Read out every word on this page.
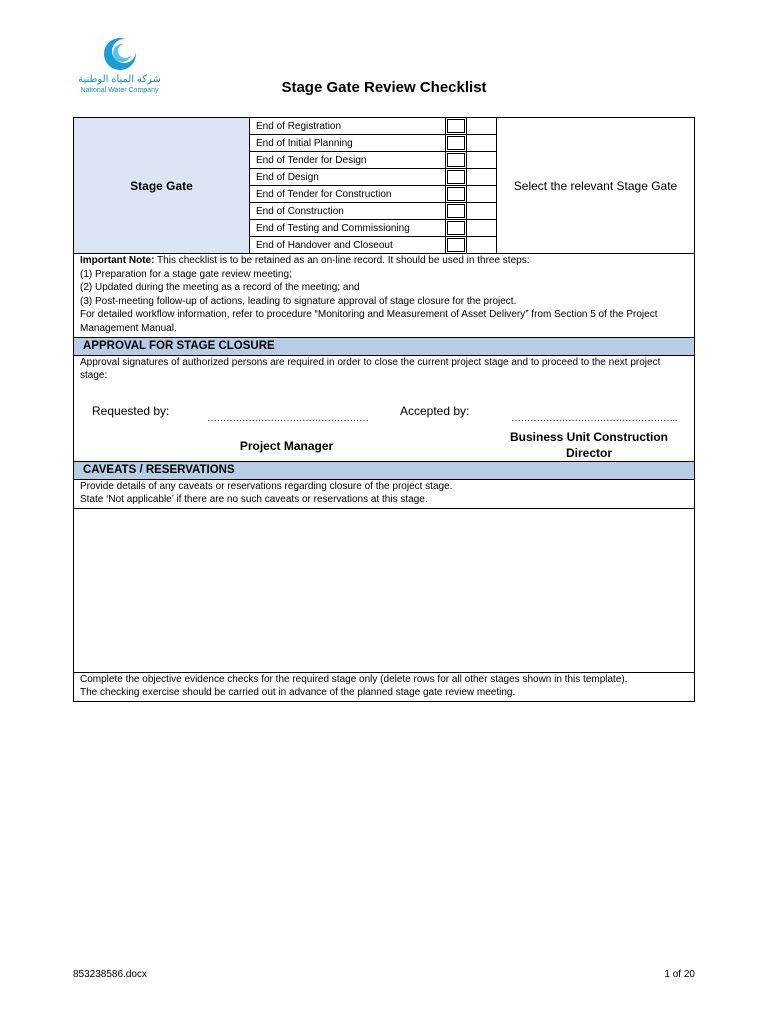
شركة المياه الوطنية
National Water Company	Stage Gate Review Checklist
Stage Gate
End of Registration
End of Initial Planning
End of Tender for Design
End of Design
End of Tender for Construction
End of Construction
End of Testing and Commissioning
End of Handover and Closeout
Select the relevant Stage Gate
Important Note: This checklist is to be retained as an on-line record. It should be used in three steps:
(1) Preparation for a stage gate review meeting;
(2) Updated during the meeting as a record of the meeting; and
(3) Post-meeting follow-up of actions, leading to signature approval of stage closure for the project.
For detailed workflow information, refer to procedure “Monitoring and Measurement of Asset Delivery” from Section 5 of the Project Management Manual.
APPROVAL FOR STAGE CLOSURE
Approval signatures of authorized persons are required in order to close the current project stage and to proceed to the next project stage:
Requested by:
……………………………………………
Accepted by:
……………………………………………..
Project Manager
Business Unit Construction Director
CAVEATS / RESERVATIONS
Provide details of any caveats or reservations regarding closure of the project stage.
State ‘Not applicable’ if there are no such caveats or reservations at this stage.
Complete the objective evidence checks for the required stage only (delete rows for all other stages shown in this template).
The checking exercise should be carried out in advance of the planned stage gate review meeting.
853238586.docx	1 of 20
